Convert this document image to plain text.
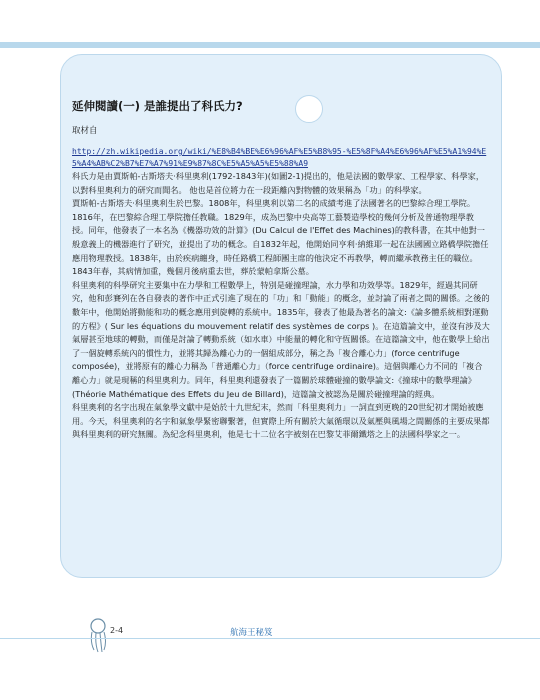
延伸閱讀(一) 是誰提出了科氏力?
取材自
http://zh.wikipedia.org/wiki/%E8%B4%BE%E6%96%AF%E5%B8%95-%E5%8F%A4%E6%96%AF%E5%A1%94%E5%A4%AB%C2%B7%E7%A7%91%E9%87%8C%E5%A5%A5%E5%88%A9

科氏力是由賈斯帕-古斯塔夫·科里奧利(1792-1843年)(如圖2-1)提出的，他是法國的數學家、工程學家、科學家，以對科里奧利力的研究而聞名。 他也是首位將力在一段距離內對物體的效果稱為「功」的科學家。

賈斯帕-古斯塔夫·科里奧利生於巴黎。1808年，科里奧利以第二名的成績考進了法國著名的巴黎綜合理工學院。1816年，在巴黎綜合理工學院擔任教職。1829年，成為巴黎中央高等工藝製造學校的幾何分析及普通物理學教授。同年，他發表了一本名為《機器功效的計算》(Du Calcul de l'Effet des Machines)的教科書，在其中他對一般意義上的機器進行了研究，並提出了功的概念。自1832年起，他開始同亨利·納維耶一起在法國國立路橋學院擔任應用物理教授。1838年，由於疾病纏身，時任路橋工程師團主席的他決定不再教學，轉而繼承教務主任的職位。1843年春，其病情加重，幾個月後病重去世，葬於蒙帕拿斯公墓。

科里奧利的科學研究主要集中在力學和工程數學上，特別是碰撞理論，水力學和功效學等。1829年，經過其同研究，他和彭賽列在各自發表的著作中正式引進了現在的「功」和「動能」的概念，並討論了兩者之間的關係。之後的數年中，他開始將動能和功的概念應用到旋轉的系統中。1835年，發表了他最為著名的論文:《論多體系統相對運動的方程》( Sur les équations du mouvement relatif des systèmes de corps )。在這篇論文中，並沒有涉及大氣層甚至地球的轉動，而僅是討論了轉動系統（如水車）中能量的轉化和守恆關係。在這篇論文中，他在數學上給出了一個旋轉系統內的慣性力，並將其歸為離心力的一個組成部分，稱之為「複合離心力」(force centrifuge composée)，並將原有的離心力稱為「普通離心力」（force centrifuge ordinaire)。這個與離心力不同的「複合離心力」就是現稱的科里奧利力。同年，科里奧利還發表了一篇關於球體碰撞的數學論文:《撞球中的數學理論》(Théorie Mathématique des Effets du Jeu de Billard)，這篇論文被認為是關於碰撞理論的經典。

科里奧利的名字出現在氣象學文獻中是始於十九世紀末，然而「科里奧利力」一詞直到更晚的20世紀初才開始被應用。今天，科里奧利的名字和氣象學緊密聯繫著，但實際上所有關於大氣循環以及氣壓與風場之間關係的主要成果都與科里奧利的研究無關。為紀念科里奧利，他是七十二位名字被刻在巴黎艾菲爾鐵塔之上的法國科學家之一。

2-4	航海王秘笈
